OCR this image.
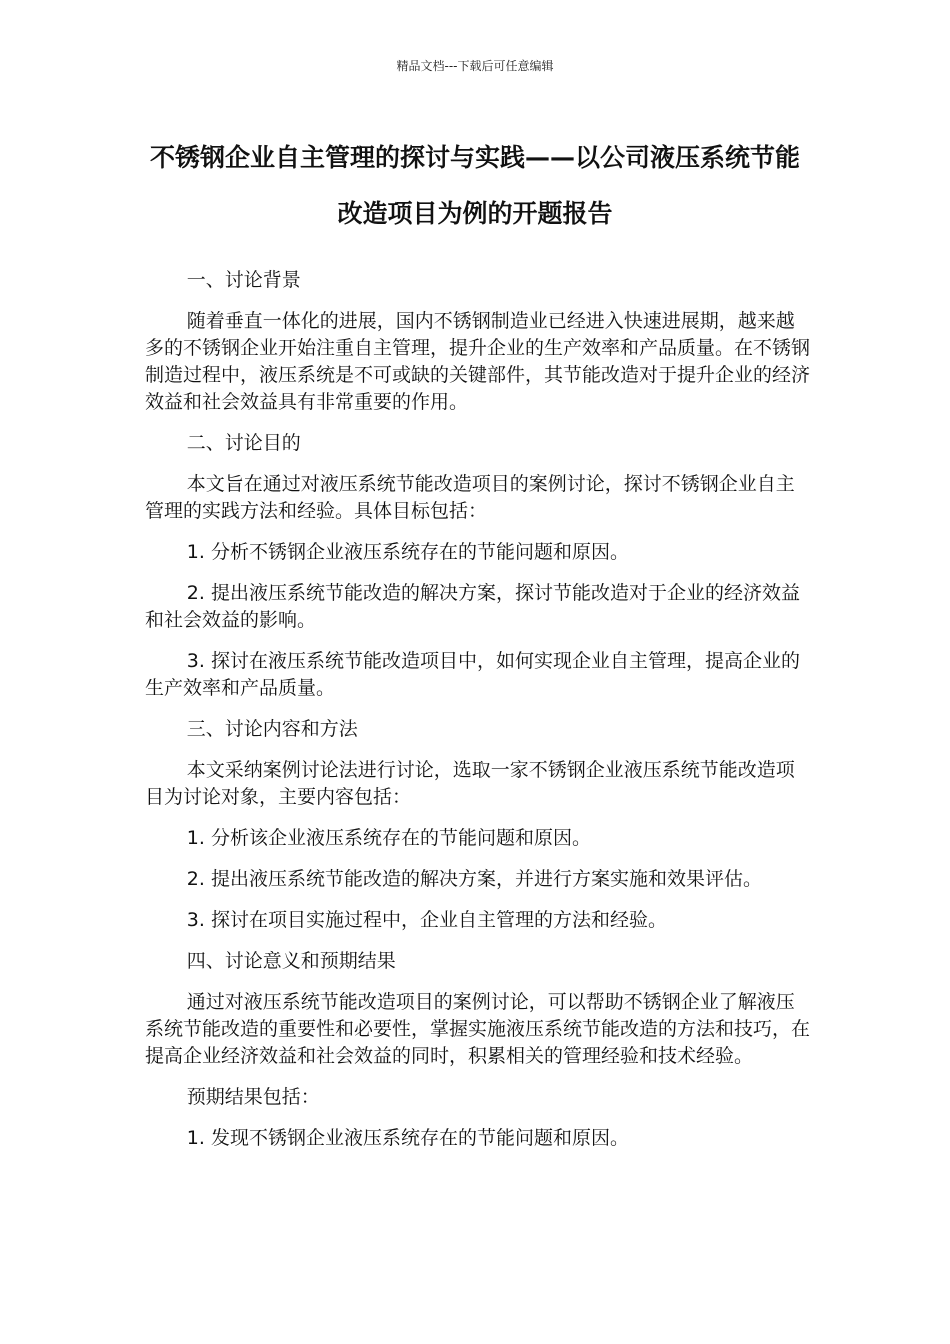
精品文档---下载后可任意编辑
不锈钢企业自主管理的探讨与实践——以公司液压系统节能改造项目为例的开题报告

一、讨论背景

随着垂直一体化的进展，国内不锈钢制造业已经进入快速进展期，越来越多的不锈钢企业开始注重自主管理，提升企业的生产效率和产品质量。在不锈钢制造过程中，液压系统是不可或缺的关键部件，其节能改造对于提升企业的经济效益和社会效益具有非常重要的作用。

二、讨论目的

本文旨在通过对液压系统节能改造项目的案例讨论，探讨不锈钢企业自主管理的实践方法和经验。具体目标包括：

1. 分析不锈钢企业液压系统存在的节能问题和原因。

2. 提出液压系统节能改造的解决方案，探讨节能改造对于企业的经济效益和社会效益的影响。

3. 探讨在液压系统节能改造项目中，如何实现企业自主管理，提高企业的生产效率和产品质量。

三、讨论内容和方法

本文采纳案例讨论法进行讨论，选取一家不锈钢企业液压系统节能改造项目为讨论对象，主要内容包括：

1. 分析该企业液压系统存在的节能问题和原因。

2. 提出液压系统节能改造的解决方案，并进行方案实施和效果评估。

3. 探讨在项目实施过程中，企业自主管理的方法和经验。

四、讨论意义和预期结果

通过对液压系统节能改造项目的案例讨论，可以帮助不锈钢企业了解液压系统节能改造的重要性和必要性，掌握实施液压系统节能改造的方法和技巧，在提高企业经济效益和社会效益的同时，积累相关的管理经验和技术经验。

预期结果包括：

1. 发现不锈钢企业液压系统存在的节能问题和原因。
